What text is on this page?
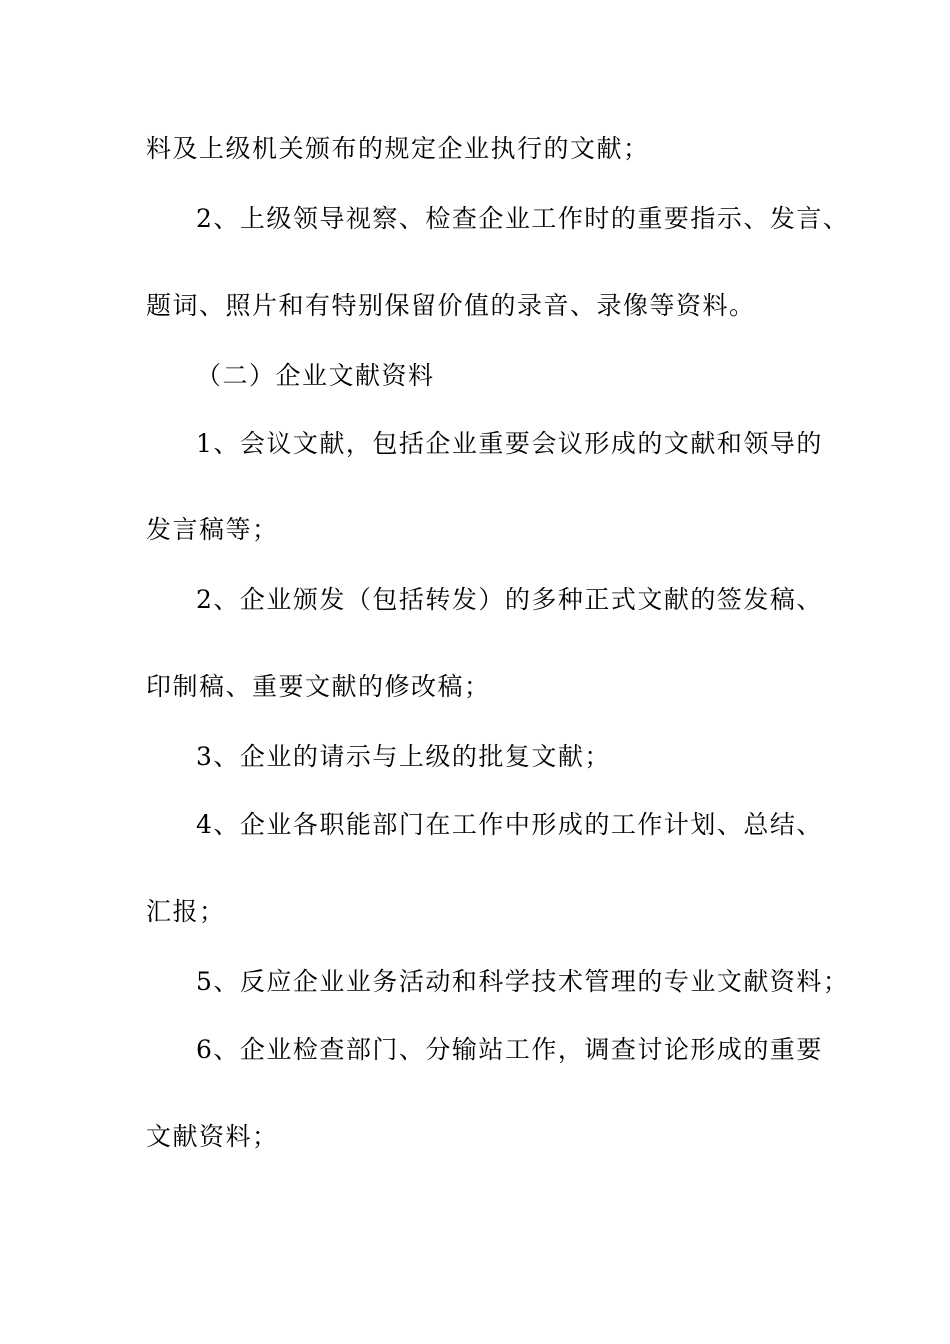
料及上级机关颁布的规定企业执行的文献；
2、上级领导视察、检查企业工作时的重要指示、发言、
题词、照片和有特别保留价值的录音、录像等资料。
（二）企业文献资料
1、会议文献，包括企业重要会议形成的文献和领导的
发言稿等；
2、企业颁发（包括转发）的多种正式文献的签发稿、
印制稿、重要文献的修改稿；
3、企业的请示与上级的批复文献；
4、企业各职能部门在工作中形成的工作计划、总结、
汇报；
5、反应企业业务活动和科学技术管理的专业文献资料；
6、企业检查部门、分输站工作，调查讨论形成的重要
文献资料；
